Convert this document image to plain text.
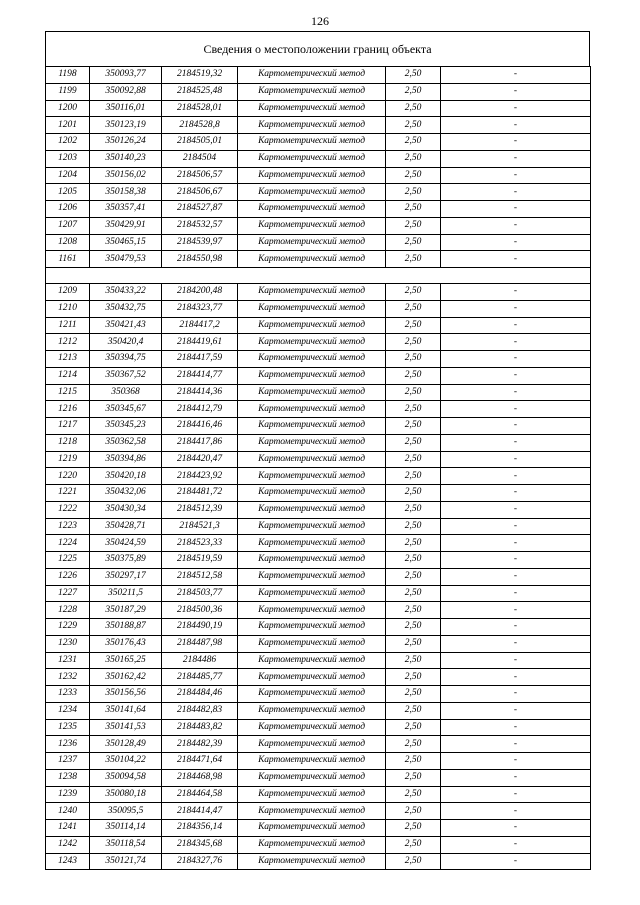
126
Сведения о местоположении границ объекта
1198	350093,77	2184519,32	Картометрический метод	2,50	-
1199	350092,88	2184525,48	Картометрический метод	2,50	-
1200	350116,01	2184528,01	Картометрический метод	2,50	-
1201	350123,19	2184528,8	Картометрический метод	2,50	-
1202	350126,24	2184505,01	Картометрический метод	2,50	-
1203	350140,23	2184504	Картометрический метод	2,50	-
1204	350156,02	2184506,57	Картометрический метод	2,50	-
1205	350158,38	2184506,67	Картометрический метод	2,50	-
1206	350357,41	2184527,87	Картометрический метод	2,50	-
1207	350429,91	2184532,57	Картометрический метод	2,50	-
1208	350465,15	2184539,97	Картометрический метод	2,50	-
1161	350479,53	2184550,98	Картометрический метод	2,50	-

1209	350433,22	2184200,48	Картометрический метод	2,50	-
1210	350432,75	2184323,77	Картометрический метод	2,50	-
1211	350421,43	2184417,2	Картометрический метод	2,50	-
1212	350420,4	2184419,61	Картометрический метод	2,50	-
1213	350394,75	2184417,59	Картометрический метод	2,50	-
1214	350367,52	2184414,77	Картометрический метод	2,50	-
1215	350368	2184414,36	Картометрический метод	2,50	-
1216	350345,67	2184412,79	Картометрический метод	2,50	-
1217	350345,23	2184416,46	Картометрический метод	2,50	-
1218	350362,58	2184417,86	Картометрический метод	2,50	-
1219	350394,86	2184420,47	Картометрический метод	2,50	-
1220	350420,18	2184423,92	Картометрический метод	2,50	-
1221	350432,06	2184481,72	Картометрический метод	2,50	-
1222	350430,34	2184512,39	Картометрический метод	2,50	-
1223	350428,71	2184521,3	Картометрический метод	2,50	-
1224	350424,59	2184523,33	Картометрический метод	2,50	-
1225	350375,89	2184519,59	Картометрический метод	2,50	-
1226	350297,17	2184512,58	Картометрический метод	2,50	-
1227	350211,5	2184503,77	Картометрический метод	2,50	-
1228	350187,29	2184500,36	Картометрический метод	2,50	-
1229	350188,87	2184490,19	Картометрический метод	2,50	-
1230	350176,43	2184487,98	Картометрический метод	2,50	-
1231	350165,25	2184486	Картометрический метод	2,50	-
1232	350162,42	2184485,77	Картометрический метод	2,50	-
1233	350156,56	2184484,46	Картометрический метод	2,50	-
1234	350141,64	2184482,83	Картометрический метод	2,50	-
1235	350141,53	2184483,82	Картометрический метод	2,50	-
1236	350128,49	2184482,39	Картометрический метод	2,50	-
1237	350104,22	2184471,64	Картометрический метод	2,50	-
1238	350094,58	2184468,98	Картометрический метод	2,50	-
1239	350080,18	2184464,58	Картометрический метод	2,50	-
1240	350095,5	2184414,47	Картометрический метод	2,50	-
1241	350114,14	2184356,14	Картометрический метод	2,50	-
1242	350118,54	2184345,68	Картометрический метод	2,50	-
1243	350121,74	2184327,76	Картометрический метод	2,50	-
